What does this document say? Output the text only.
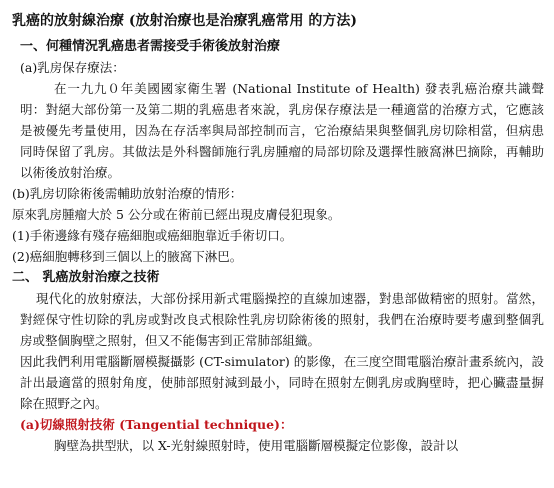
乳癌的放射線治療 (放射治療也是治療乳癌常用 的方法)
一、何種情況乳癌患者需接受手術後放射治療
(a)乳房保存療法：

在一九九０年美國國家衛生署 (National Institute of Health) 發表乳癌治療共識聲明：對絕大部份第一及第二期的乳癌患者來說，乳房保存療法是一種適當的治療方式，它應該是被優先考量使用，因為在存活率與局部控制而言，它治療結果與整個乳房切除相當，但病患同時保留了乳房。其做法是外科醫師施行乳房腫瘤的局部切除及選擇性腋窩淋巴摘除，再輔助以術後放射治療。

(b)乳房切除術後需輔助放射治療的情形：
原來乳房腫瘤大於 5 公分或在術前已經出現皮膚侵犯現象。
(1)手術邊緣有殘存癌細胞或癌細胞靠近手術切口。
(2)癌細胞轉移到三個以上的腋窩下淋巴。
二、 乳癌放射治療之技術

現代化的放射療法，大部份採用新式電腦操控的直線加速器，對患部做精密的照射。當然，對經保守性切除的乳房或對改良式根除性乳房切除術後的照射，我們在治療時要考慮到整個乳房或整個胸壁之照射，但又不能傷害到正常肺部組織。

因此我們利用電腦斷層模擬攝影 (CT-simulator) 的影像，在三度空間電腦治療計畫系統內，設計出最適當的照射角度，使肺部照射減到最小，同時在照射左側乳房或胸壁時，把心臟盡量摒除在照野之內。

(a)切線照射技術 (Tangential technique)：

胸壁為拱型狀，以 X-光射線照射時，使用電腦斷層模擬定位影像，設計以
